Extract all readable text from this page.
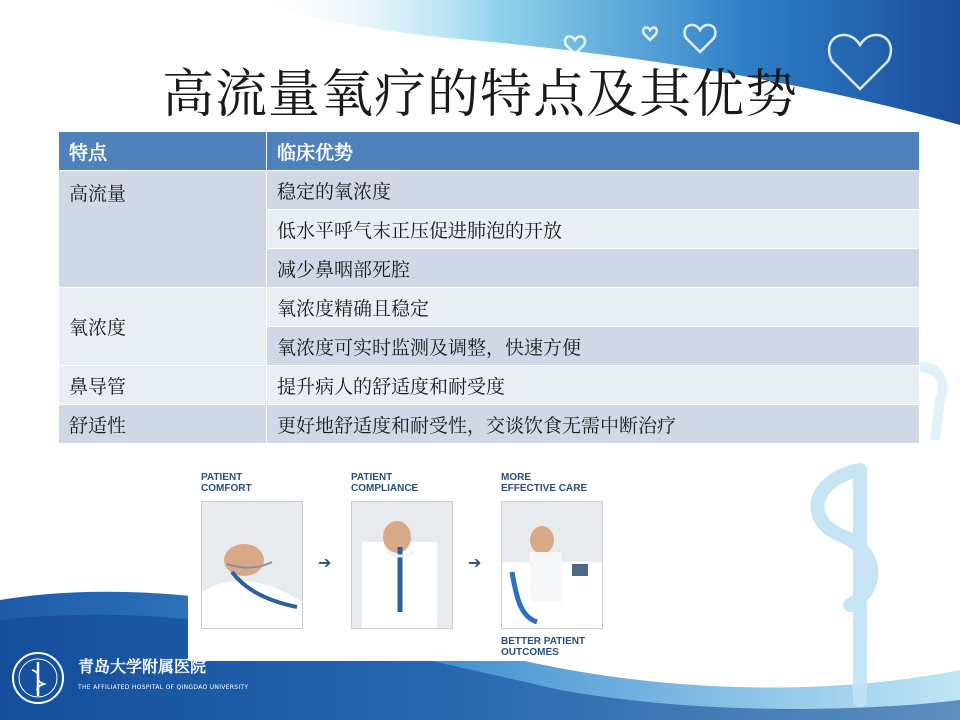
高流量氧疗的特点及其优势
特点	临床优势
高流量	稳定的氧浓度
	低水平呼气末正压促进肺泡的开放
	减少鼻咽部死腔
氧浓度	氧浓度精确且稳定
	氧浓度可实时监测及调整，快速方便
鼻导管	提升病人的舒适度和耐受度
舒适性	更好地舒适度和耐受性，交谈饮食无需中断治疗
PATIENT
COMFORT
➔
PATIENT
COMPLIANCE
➔
MORE
EFFECTIVE CARE
BETTER PATIENT
OUTCOMES
青岛大学附属医院
THE AFFILIATED HOSPITAL OF QINGDAO UNIVERSITY
